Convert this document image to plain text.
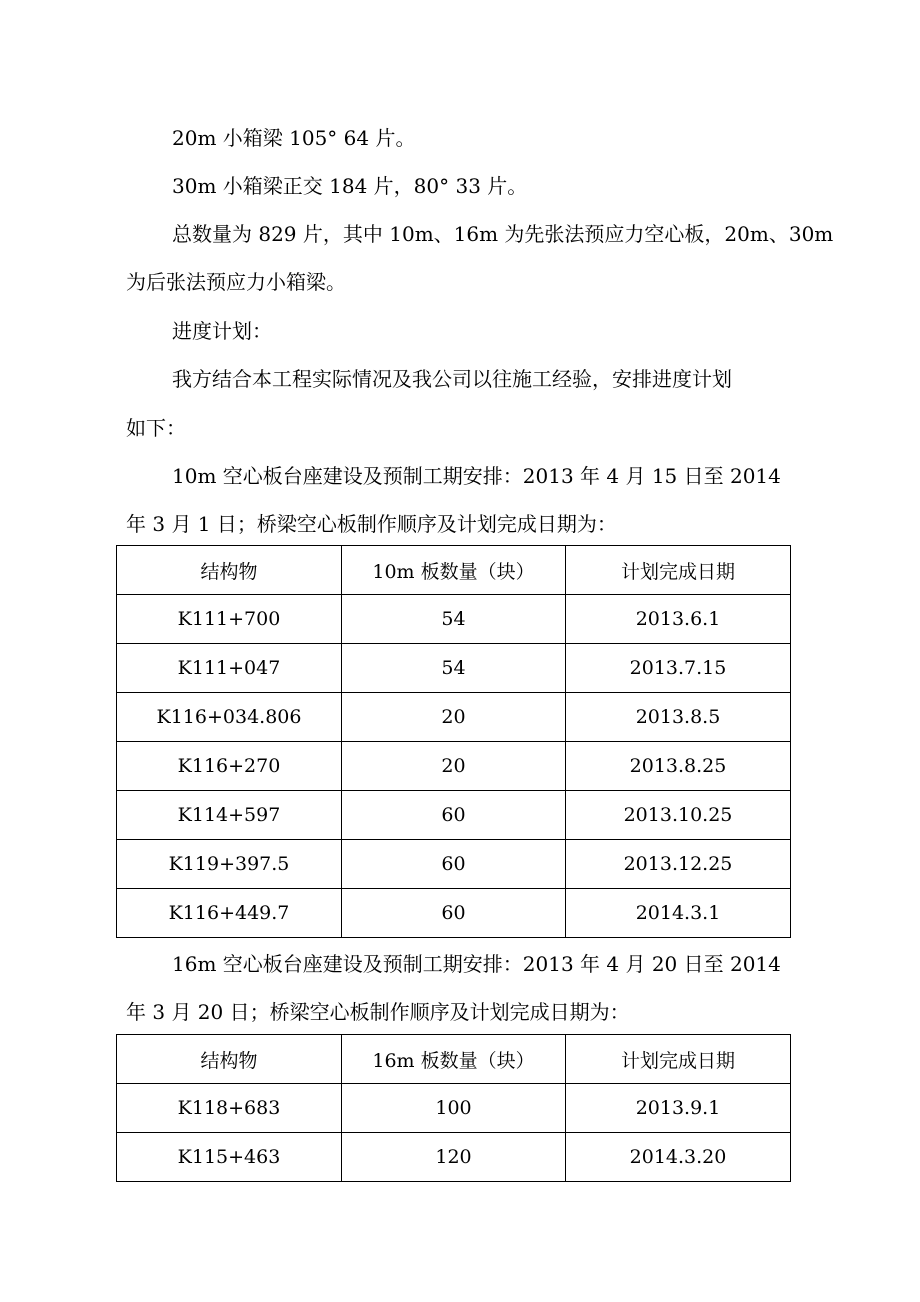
20m 小箱梁 105° 64 片。
30m 小箱梁正交 184 片，80° 33 片。
总数量为 829 片，其中 10m、16m 为先张法预应力空心板，20m、30m
为后张法预应力小箱梁。
进度计划：
我方结合本工程实际情况及我公司以往施工经验，安排进度计划
如下：
10m 空心板台座建设及预制工期安排：2013 年 4 月 15 日至 2014
年 3 月 1 日；桥梁空心板制作顺序及计划完成日期为：
结构物	10m 板数量（块）	计划完成日期
K111+700	54	2013.6.1
K111+047	54	2013.7.15
K116+034.806	20	2013.8.5
K116+270	20	2013.8.25
K114+597	60	2013.10.25
K119+397.5	60	2013.12.25
K116+449.7	60	2014.3.1
16m 空心板台座建设及预制工期安排：2013 年 4 月 20 日至 2014
年 3 月 20 日；桥梁空心板制作顺序及计划完成日期为：
结构物	16m 板数量（块）	计划完成日期
K118+683	100	2013.9.1
K115+463	120	2014.3.20
